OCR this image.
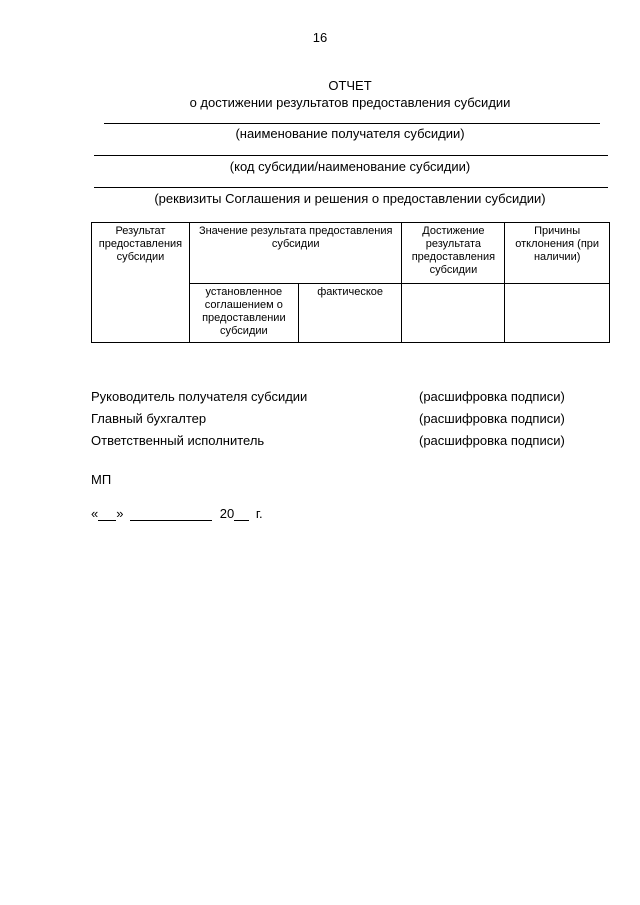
16
ОТЧЕТ
о достижении результатов предоставления субсидии
(наименование получателя субсидии)
(код субсидии/наименование субсидии)
(реквизиты Соглашения и решения о предоставлении субсидии)
Результат предоставления субсидии	Значение результата предоставления субсидии		Достижение результата предоставления субсидии	Причины отклонения (при наличии)
	установленное соглашением о предоставлении субсидии	фактическое		
Руководитель получателя субсидии	(расшифровка подписи)
Главный бухгалтер	(расшифровка подписи)
Ответственный исполнитель	(расшифровка подписи)
МП
« »	20 г.
